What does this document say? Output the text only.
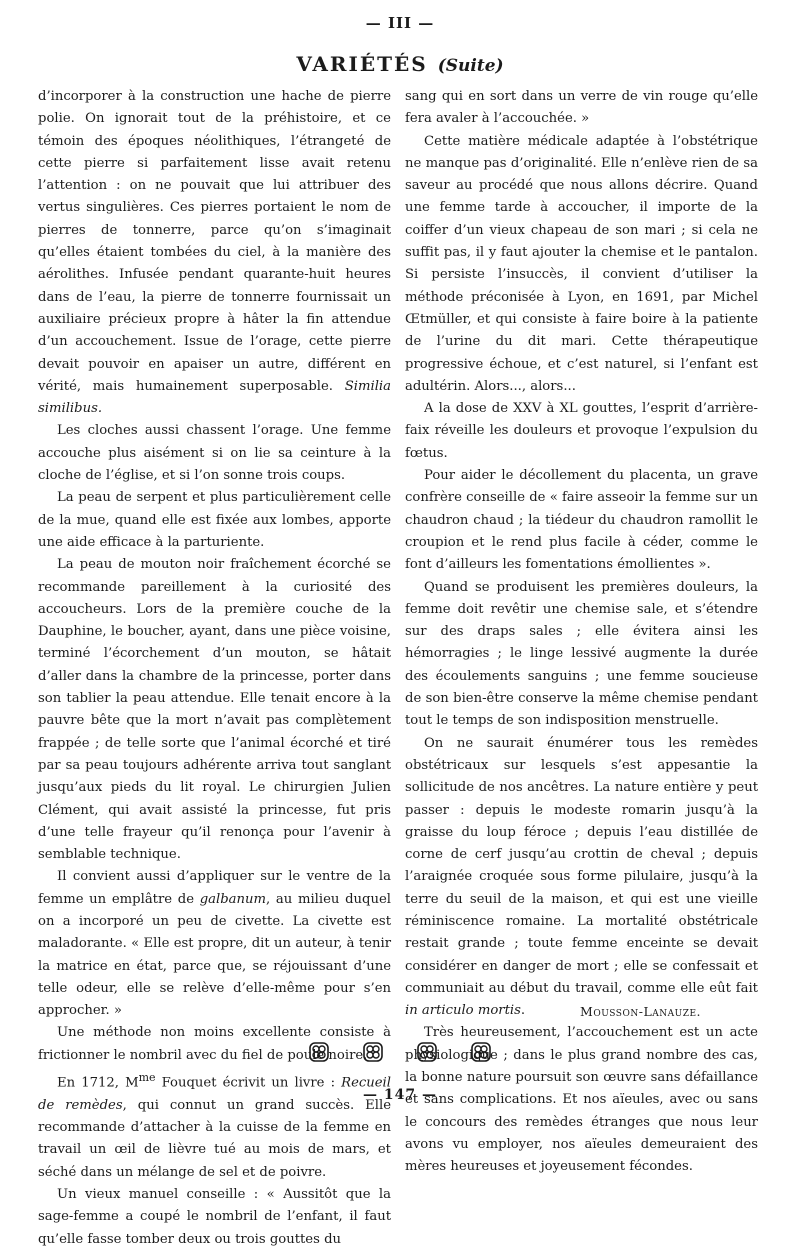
— III —
VARIÉTÉS (Suite)

d’incorporer à la construction une hache de pierre polie. On ignorait tout de la préhistoire, et ce témoin des époques néolithiques, l’étrangeté de cette pierre si parfaitement lisse avait retenu l’attention : on ne pouvait que lui attribuer des vertus singulières. Ces pierres portaient le nom de pierres de tonnerre, parce qu’on s’imaginait qu’elles étaient tombées du ciel, à la manière des aérolithes. Infusée pendant quarante-huit heures dans de l’eau, la pierre de tonnerre fournissait un auxiliaire précieux propre à hâter la fin attendue d’un accouchement. Issue de l’orage, cette pierre devait pouvoir en apaiser un autre, différent en vérité, mais humainement superposable. Similia similibus.

Les cloches aussi chassent l’orage. Une femme accouche plus aisément si on lie sa ceinture à la cloche de l’église, et si l’on sonne trois coups.

La peau de serpent et plus particulièrement celle de la mue, quand elle est fixée aux lombes, apporte une aide efficace à la parturiente.

La peau de mouton noir fraîchement écorché se recommande pareillement à la curiosité des accoucheurs. Lors de la première couche de la Dauphine, le boucher, ayant, dans une pièce voisine, terminé l’écorchement d’un mouton, se hâtait d’aller dans la chambre de la princesse, porter dans son tablier la peau attendue. Elle tenait encore à la pauvre bête que la mort n’avait pas complètement frappée ; de telle sorte que l’animal écorché et tiré par sa peau toujours adhérente arriva tout sanglant jusqu’aux pieds du lit royal. Le chirurgien Julien Clément, qui avait assisté la princesse, fut pris d’une telle frayeur qu’il renonça pour l’avenir à semblable technique.

Il convient aussi d’appliquer sur le ventre de la femme un emplâtre de galbanum, au milieu duquel on a incorporé un peu de civette. La civette est maladorante. « Elle est propre, dit un auteur, à tenir la matrice en état, parce que, se réjouissant d’une telle odeur, elle se relève d’elle-même pour s’en approcher. »

Une méthode non moins excellente consiste à frictionner le nombril avec du fiel de poule noire.

En 1712, $M^{me}$ Fouquet écrivit un livre : Recueil de remèdes, qui connut un grand succès. Elle recommande d’attacher à la cuisse de la femme en travail un œil de lièvre tué au mois de mars, et séché dans un mélange de sel et de poivre.

Un vieux manuel conseille : « Aussitôt que la sage-femme a coupé le nombril de l’enfant, il faut qu’elle fasse tomber deux ou trois gouttes du

sang qui en sort dans un verre de vin rouge qu’elle fera avaler à l’accouchée. »

Cette matière médicale adaptée à l’obstétrique ne manque pas d’originalité. Elle n’enlève rien de sa saveur au procédé que nous allons décrire. Quand une femme tarde à accoucher, il importe de la coiffer d’un vieux chapeau de son mari ; si cela ne suffit pas, il y faut ajouter la chemise et le pantalon. Si persiste l’insuccès, il convient d’utiliser la méthode préconisée à Lyon, en 1691, par Michel Œtmüller, et qui consiste à faire boire à la patiente de l’urine du dit mari. Cette thérapeutique progressive échoue, et c’est naturel, si l’enfant est adultérin. Alors..., alors...

A la dose de XXV à XL gouttes, l’esprit d’arrière-faix réveille les douleurs et provoque l’expulsion du fœtus.

Pour aider le décollement du placenta, un grave confrère conseille de « faire asseoir la femme sur un chaudron chaud ; la tiédeur du chaudron ramollit le croupion et le rend plus facile à céder, comme le font d’ailleurs les fomentations émollientes ».

Quand se produisent les premières douleurs, la femme doit revêtir une chemise sale, et s’étendre sur des draps sales ; elle évitera ainsi les hémorragies ; le linge lessivé augmente la durée des écoulements sanguins ; une femme soucieuse de son bien-être conserve la même chemise pendant tout le temps de son indisposition menstruelle.

On ne saurait énumérer tous les remèdes obstétricaux sur lesquels s’est appesantie la sollicitude de nos ancêtres. La nature entière y peut passer : depuis le modeste romarin jusqu’à la graisse du loup féroce ; depuis l’eau distillée de corne de cerf jusqu’au crottin de cheval ; depuis l’araignée croquée sous forme pilulaire, jusqu’à la terre du seuil de la maison, et qui est une vieille réminiscence romaine. La mortalité obstétricale restait grande ; toute femme enceinte se devait considérer en danger de mort ; elle se confessait et communiait au début du travail, comme elle eût fait in articulo mortis.

Très heureusement, l’accouchement est un acte physiologique ; dans le plus grand nombre des cas, la bonne nature poursuit son œuvre sans défaillance et sans complications. Et nos aïeules, avec ou sans le concours des remèdes étranges que nous leur avons vu employer, nos aïeules demeuraient des mères heureuses et joyeusement fécondes.

Mousson-Lanauze.
— 147 —
